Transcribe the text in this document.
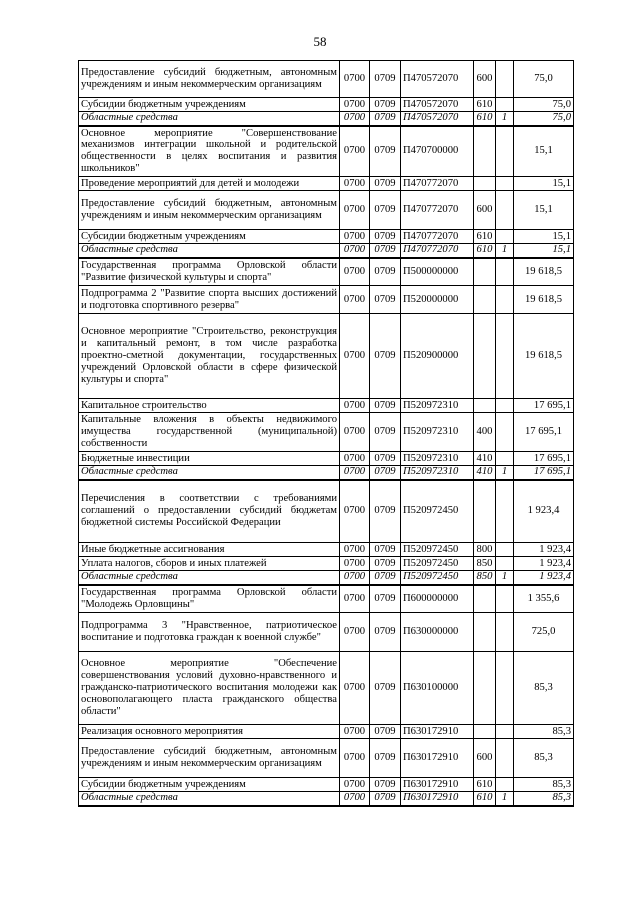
58
Предоставление субсидий бюджетным, автономным учреждениям и иным некоммерческим организациям	0700	0709	П470572070	600		75,0
Субсидии бюджетным учреждениям	0700	0709	П470572070	610		75,0
Областные средства	0700	0709	П470572070	610	1	75,0
Основное мероприятие "Совершенствование механизмов интеграции школьной и родительской общественности в целях воспитания и развития школьников"	0700	0709	П470700000			15,1
Проведение мероприятий для детей и молодежи	0700	0709	П470772070			15,1
Предоставление субсидий бюджетным, автономным учреждениям и иным некоммерческим организациям	0700	0709	П470772070	600		15,1
Субсидии бюджетным учреждениям	0700	0709	П470772070	610		15,1
Областные средства	0700	0709	П470772070	610	1	15,1
Государственная программа Орловской области "Развитие физической культуры и спорта"	0700	0709	П500000000			19 618,5
Подпрограмма 2 "Развитие спорта высших достижений и подготовка спортивного резерва"	0700	0709	П520000000			19 618,5
Основное мероприятие "Строительство, реконструкция и капитальный ремонт, в том числе разработка проектно-сметной документации, государственных учреждений Орловской области в сфере физической культуры и спорта"	0700	0709	П520900000			19 618,5
Капитальное строительство	0700	0709	П520972310			17 695,1
Капитальные вложения в объекты недвижимого имущества государственной (муниципальной) собственности	0700	0709	П520972310	400		17 695,1
Бюджетные инвестиции	0700	0709	П520972310	410		17 695,1
Областные средства	0700	0709	П520972310	410	1	17 695,1
Перечисления в соответствии с требованиями соглашений о предоставлении субсидий бюджетам бюджетной системы Российской Федерации	0700	0709	П520972450			1 923,4
Иные бюджетные ассигнования	0700	0709	П520972450	800		1 923,4
Уплата налогов, сборов и иных платежей	0700	0709	П520972450	850		1 923,4
Областные средства	0700	0709	П520972450	850	1	1 923,4
Государственная программа Орловской области "Молодежь Орловщины"	0700	0709	П600000000			1 355,6
Подпрограмма 3 "Нравственное, патриотическое воспитание и подготовка граждан к военной службе"	0700	0709	П630000000			725,0
Основное мероприятие "Обеспечение совершенствования условий духовно-нравственного и гражданско-патриотического воспитания молодежи как основополагающего пласта гражданского общества области"	0700	0709	П630100000			85,3
Реализация основного мероприятия	0700	0709	П630172910			85,3
Предоставление субсидий бюджетным, автономным учреждениям и иным некоммерческим организациям	0700	0709	П630172910	600		85,3
Субсидии бюджетным учреждениям	0700	0709	П630172910	610		85,3
Областные средства	0700	0709	П630172910	610	1	85,3
